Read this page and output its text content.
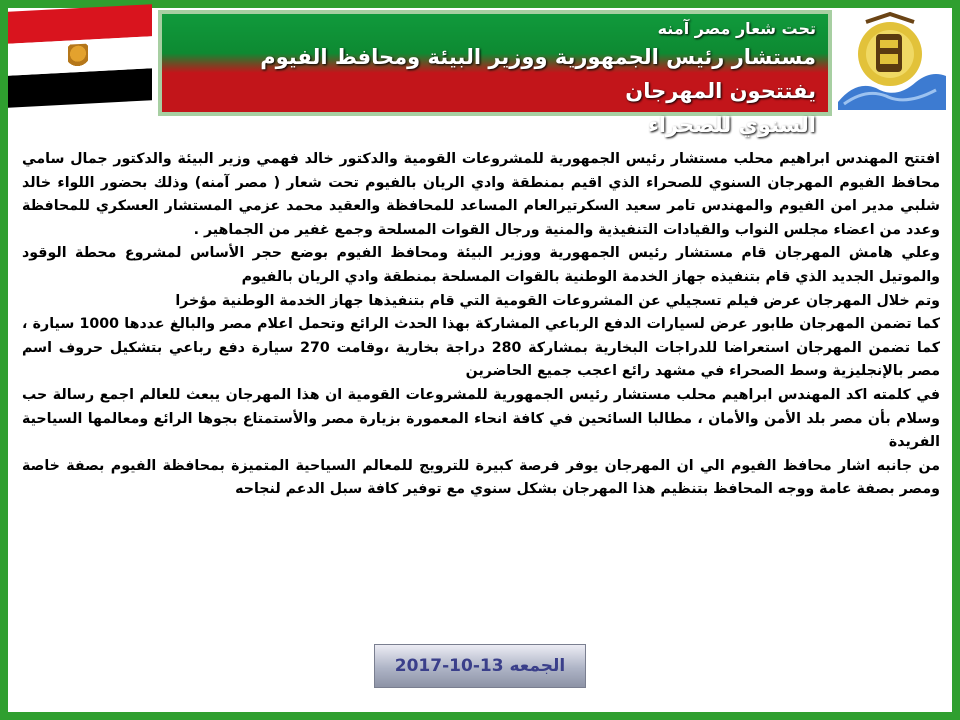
تحت شعار مصر آمنه
مستشار رئيس الجمهورية ووزير البيئة ومحافظ الفيوم يفتتحون المهرجان
السنوي للصحراء

افتتح المهندس ابراهيم محلب مستشار رئيس الجمهورية للمشروعات القومية والدكتور خالد فهمي وزير البيئة والدكتور جمال سامي محافظ الفيوم المهرجان السنوي للصحراء الذي اقيم بمنطقة وادي الريان بالفيوم تحت شعار ( مصر آمنه) وذلك بحضور اللواء خالد شلبي مدير امن الفيوم والمهندس تامر سعيد السكرتيرالعام المساعد للمحافظة والعقيد محمد عزمي المستشار العسكري للمحافظة وعدد من اعضاء مجلس النواب والقيادات التنفيذية والمنية ورجال القوات المسلحة وجمع غفير من الجماهير .

وعلي هامش المهرجان قام مستشار رئيس الجمهورية ووزير البيئة ومحافظ الفيوم بوضع حجر الأساس لمشروع محطة الوقود والموتيل الجديد الذي قام بتنفيذه جهاز الخدمة الوطنية بالقوات المسلحة بمنطقة وادي الريان بالفيوم

وتم خلال المهرجان عرض فيلم تسجيلي عن المشروعات القومية التي قام بتنفيذها جهاز الخدمة الوطنية مؤخرا

كما تضمن المهرجان طابور عرض لسيارات الدفع الرباعي المشاركة بهذا الحدث الرائع وتحمل اعلام مصر والبالغ عددها 1000 سيارة ، كما تضمن المهرجان استعراضا للدراجات البخارية بمشاركة 280 دراجة بخارية ،وقامت 270 سيارة دفع رباعي بتشكيل حروف اسم مصر بالإنجليزية وسط الصحراء في مشهد رائع اعجب جميع الحاضرين

في كلمته اكد المهندس ابراهيم محلب مستشار رئيس الجمهورية للمشروعات القومية ان هذا المهرجان يبعث للعالم اجمع رسالة حب وسلام بأن مصر بلد الأمن والأمان ، مطالبا السائحين في كافة انحاء المعمورة بزيارة مصر والأستمتاع بجوها الرائع ومعالمها السياحية الفريدة

من جانبه اشار محافظ الفيوم الي ان المهرجان يوفر فرصة كبيرة للترويج للمعالم السياحية المتميزة بمحافظة الفيوم بصفة خاصة ومصر بصفة عامة ووجه المحافظ بتنظيم هذا المهرجان بشكل سنوي مع توفير كافة سبل الدعم لنجاحه

الجمعه 13-10-2017
